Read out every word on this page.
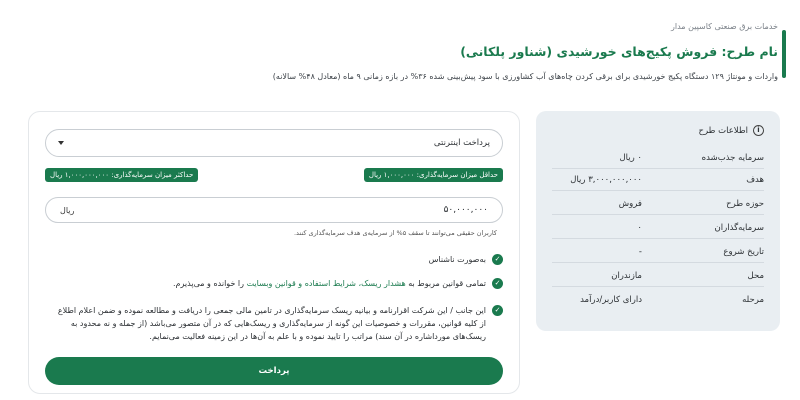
خدمات برق صنعتی کاسپین مدار
نام طرح: فروش پکیج‌های خورشیدی (شناور پلکانی)
واردات و مونتاژ ۱۲۹ دستگاه پکیج خورشیدی برای برقی کردن چاه‌های آب کشاورزی با سود پیش‌بینی شده ۳۶% در بازه زمانی ۹ ماه (معادل ۴۸% سالانه)
i
اطلاعات طرح
سرمایه جذب‌شده
۰ ریال
هدف
۳,۰۰۰,۰۰۰,۰۰۰ ریال
حوزه طرح
فروش
سرمایه‌گذاران
۰
تاریخ شروع
-
محل
مازندران
مرحله
دارای کاربر/درآمد
پرداخت اینترنتی
حداقل میزان سرمایه‌گذاری: ۱,۰۰۰,۰۰۰ ریال
حداکثر میزان سرمایه‌گذاری: ۱,۰۰۰,۰۰۰,۰۰۰ ریال
۵۰,۰۰۰,۰۰۰
ریال
کاربران حقیقی می‌توانند تا سقف ۵% از سرمایه‌ی هدف سرمایه‌گذاری کنند.
✓
به‌صورت ناشناس
✓
تمامی قوانین مربوط به هشدار ریسک، شرایط استفاده و قوانین وبسایت را خوانده و می‌پذیرم.
✓
این جانب / این شرکت اقرارنامه و بیانیه ریسک سرمایه‌گذاری در تامین مالی جمعی را دریافت و مطالعه نموده و ضمن اعلام اطلاع از کلیه قوانین، مقررات و خصوصیات این گونه از سرمایه‌گذاری و ریسک‌هایی که در آن متصور می‌باشد (از جمله و نه محدود به ریسک‌های مورداشاره در آن سند) مراتب را تایید نموده و با علم به آن‌ها در این زمینه فعالیت می‌نمایم.
پرداخت
